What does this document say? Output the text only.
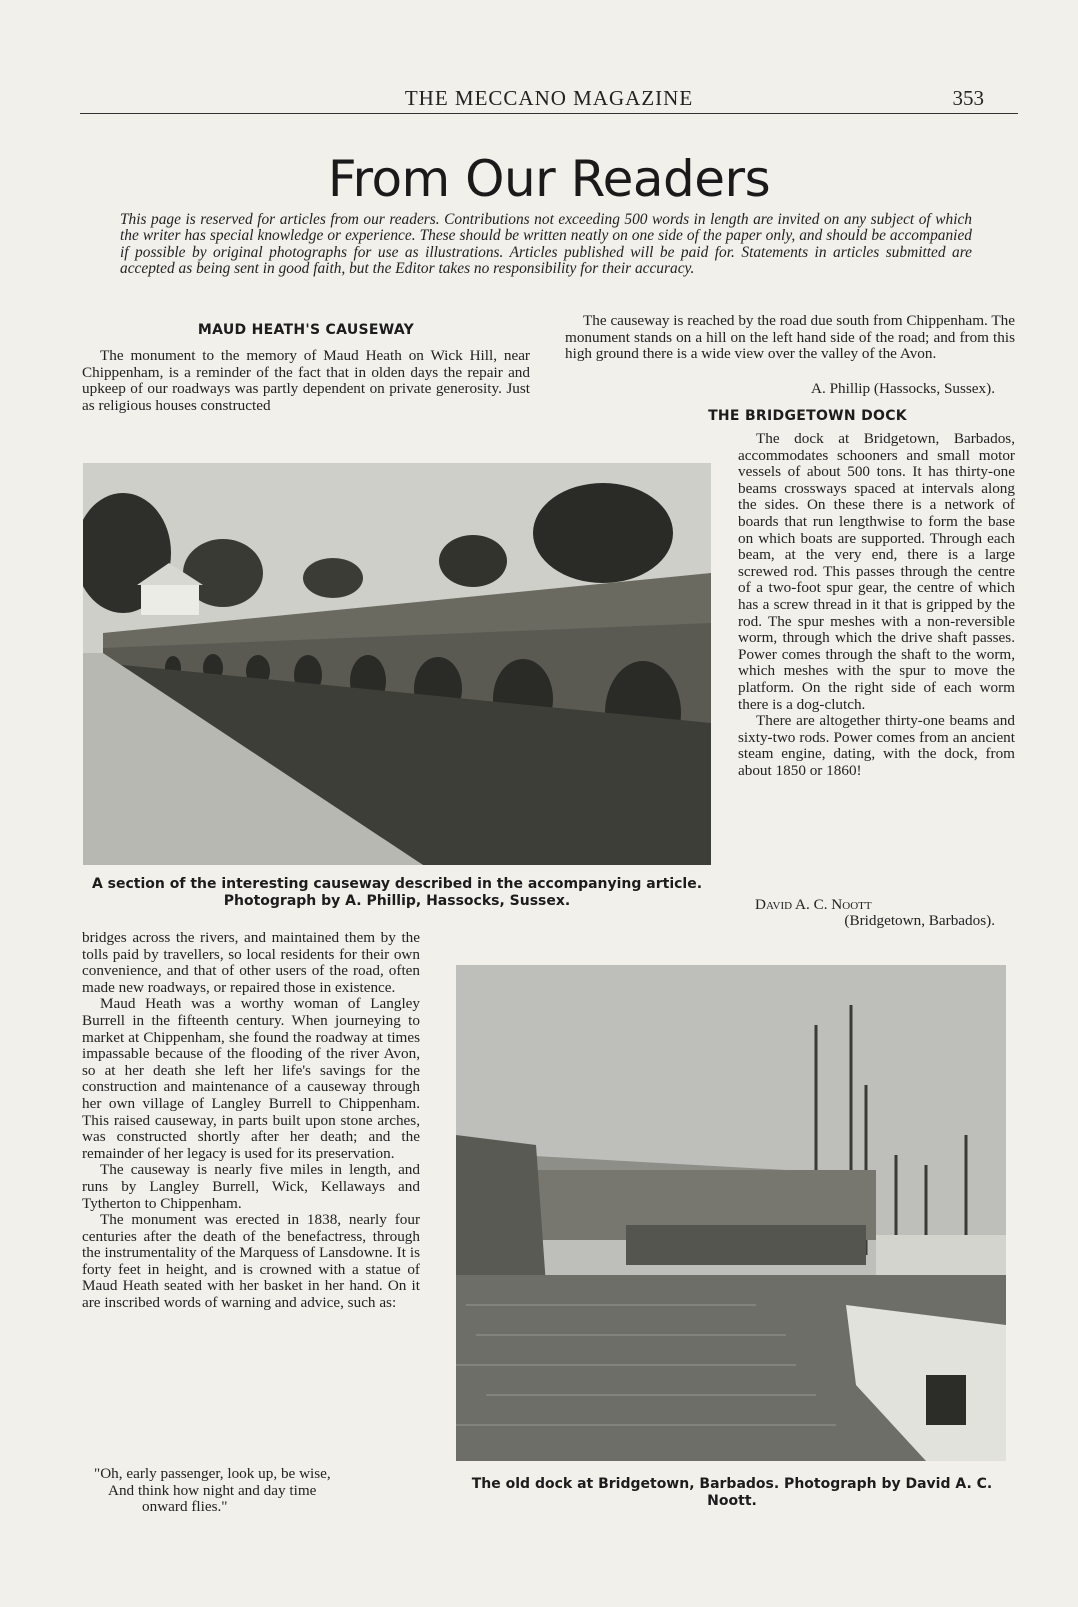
THE MECCANO MAGAZINE	353
From Our Readers

This page is reserved for articles from our readers. Contributions not exceeding 500 words in length are invited on any subject of which the writer has special knowledge or experience. These should be written neatly on one side of the paper only, and should be accompanied if possible by original photographs for use as illustrations. Articles published will be paid for. Statements in articles submitted are accepted as being sent in good faith, but the Editor takes no responsibility for their accuracy.

MAUD HEATH'S CAUSEWAY

The monument to the memory of Maud Heath on Wick Hill, near Chippenham, is a reminder of the fact that in olden days the repair and upkeep of our roadways was partly dependent on private generosity. Just as religious houses constructed

A section of the interesting causeway described in the accompanying article.
Photograph by A. Phillip, Hassocks, Sussex.

bridges across the rivers, and maintained them by the tolls paid by travellers, so local residents for their own convenience, and that of other users of the road, often made new roadways, or repaired those in existence.

Maud Heath was a worthy woman of Langley Burrell in the fifteenth century. When journeying to market at Chippenham, she found the roadway at times impassable because of the flooding of the river Avon, so at her death she left her life's savings for the construction and maintenance of a causeway through her own village of Langley Burrell to Chippenham. This raised causeway, in parts built upon stone arches, was constructed shortly after her death; and the remainder of her legacy is used for its preservation.

The causeway is nearly five miles in length, and runs by Langley Burrell, Wick, Kellaways and Tytherton to Chippenham.

The monument was erected in 1838, nearly four centuries after the death of the benefactress, through the instrumentality of the Marquess of Lansdowne. It is forty feet in height, and is crowned with a statue of Maud Heath seated with her basket in her hand. On it are inscribed words of warning and advice, such as:

"Oh, early passenger, look up, be wise,
And think how night and day time
onward flies."

The causeway is reached by the road due south from Chippenham. The monument stands on a hill on the left hand side of the road; and from this high ground there is a wide view over the valley of the Avon.

A. Phillip (Hassocks, Sussex).
THE BRIDGETOWN DOCK

The dock at Bridgetown, Barbados, accommodates schooners and small motor vessels of about 500 tons. It has thirty-one beams crossways spaced at intervals along the sides. On these there is a network of boards that run lengthwise to form the base on which boats are supported. Through each beam, at the very end, there is a large screwed rod. This passes through the centre of a two-foot spur gear, the centre of which has a screw thread in it that is gripped by the rod. The spur meshes with a non-reversible worm, through which the drive shaft passes. Power comes through the shaft to the worm, which meshes with the spur to move the platform. On the right side of each worm there is a dog-clutch.

There are altogether thirty-one beams and sixty-two rods. Power comes from an ancient steam engine, dating, with the dock, from about 1850 or 1860!

David A. C. Noott
(Bridgetown, Barbados).
The old dock at Bridgetown, Barbados. Photograph by David A. C. Noott.
